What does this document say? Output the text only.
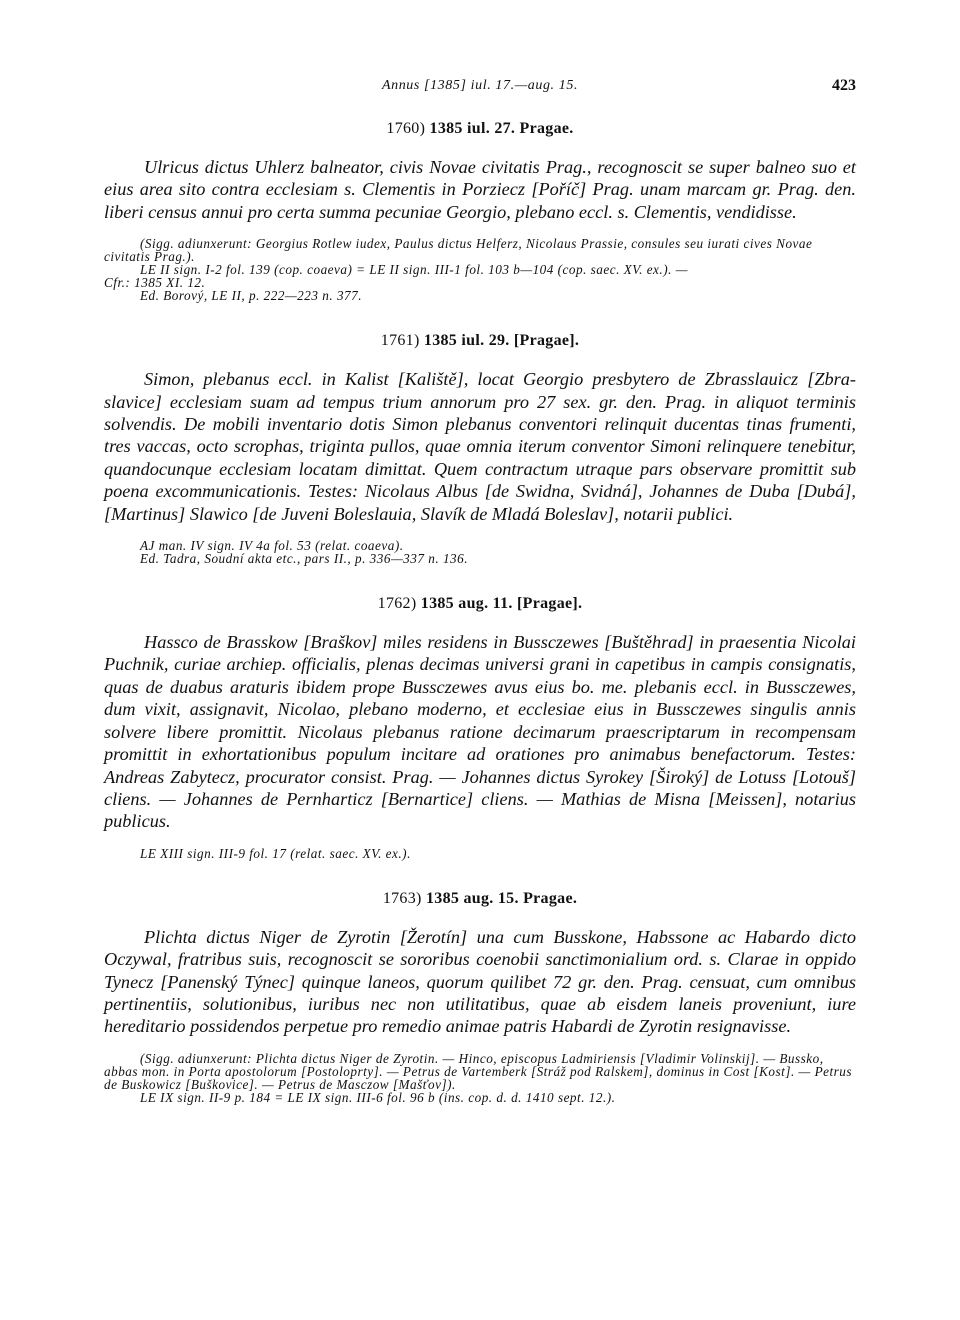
Annus [1385] iul. 17.—aug. 15.	423
1760) 1385 iul. 27. Pragae.

Ulricus dictus Uhlerz balneator, civis Novae civitatis Prag., recognoscit se super balneo suo et eius area sito contra ecclesiam s. Clementis in Porziecz [Poříč] Prag. unam marcam gr. Prag. den. liberi census annui pro certa summa pecuniae Georgio, plebano eccl. s. Clementis, vendidisse.

(Sigg. adiunxerunt: Georgius Rotlew iudex, Paulus dictus Helferz, Nicolaus Prassie, consules seu iurati cives Novae civitatis Prag.).

LE II sign. I-2 fol. 139 (cop. coaeva) = LE II sign. III-1 fol. 103 b—104 (cop. saec. XV. ex.). —

Cfr.: 1385 XI. 12.

Ed. Borový, LE II, p. 222—223 n. 377.

1761) 1385 iul. 29. [Pragae].

Simon, plebanus eccl. in Kalist [Kaliště], locat Georgio presbytero de Zbrasslauicz [Zbraslavice] ecclesiam suam ad tempus trium annorum pro 27 sex. gr. den. Prag. in aliquot terminis solvendis. De mobili inventario dotis Simon plebanus conventori relinquit ducentas tinas frumenti, tres vaccas, octo scrophas, triginta pullos, quae omnia iterum conventor Simoni relinquere tenebitur, quandocunque ecclesiam locatam dimittat. Quem contractum utraque pars observare promittit sub poena excommunicationis. Testes: Nicolaus Albus [de Swidna, Svidná], Johannes de Duba [Dubá], [Martinus] Slawico [de Juveni Boleslauia, Slavík de Mladá Boleslav], notarii publici.

AJ man. IV sign. IV 4a fol. 53 (relat. coaeva).

Ed. Tadra, Soudní akta etc., pars II., p. 336—337 n. 136.

1762) 1385 aug. 11. [Pragae].

Hassco de Brasskow [Braškov] miles residens in Bussczewes [Buštěhrad] in praesentia Nicolai Puchnik, curiae archiep. officialis, plenas decimas universi grani in capetibus in campis consignatis, quas de duabus araturis ibidem prope Bussczewes avus eius bo. me. plebanis eccl. in Bussczewes, dum vixit, assignavit, Nicolao, plebano moderno, et ecclesiae eius in Bussczewes singulis annis solvere libere promittit. Nicolaus plebanus ratione decimarum praescriptarum in recompensam promittit in exhortationibus populum incitare ad orationes pro animabus benefactorum. Testes: Andreas Zabytecz, procurator consist. Prag. — Johannes dictus Syrokey [Široký] de Lotuss [Lotouš] cliens. — Johannes de Pernharticz [Bernartice] cliens. — Mathias de Misna [Meissen], notarius publicus.

LE XIII sign. III-9 fol. 17 (relat. saec. XV. ex.).

1763) 1385 aug. 15. Pragae.

Plichta dictus Niger de Zyrotin [Žerotín] una cum Busskone, Habssone ac Habardo dicto Oczywal, fratribus suis, recognoscit se sororibus coenobii sanctimonialium ord. s. Clarae in oppido Tynecz [Panenský Týnec] quinque laneos, quorum quilibet 72 gr. den. Prag. censuat, cum omnibus pertinentiis, solutionibus, iuribus nec non utilitatibus, quae ab eisdem laneis proveniunt, iure hereditario possidendos perpetue pro remedio animae patris Habardi de Zyrotin resignavisse.

(Sigg. adiunxerunt: Plichta dictus Niger de Zyrotin. — Hinco, episcopus Ladmiriensis [Vladimir Volinskij]. — Bussko, abbas mon. in Porta apostolorum [Postoloprty]. — Petrus de Vartemberk [Stráž pod Ralskem], dominus in Cost [Kost]. — Petrus de Buskowicz [Buškovice]. — Petrus de Masczow [Mašťov]).

LE IX sign. II-9 p. 184 = LE IX sign. III-6 fol. 96 b (ins. cop. d. d. 1410 sept. 12.).
